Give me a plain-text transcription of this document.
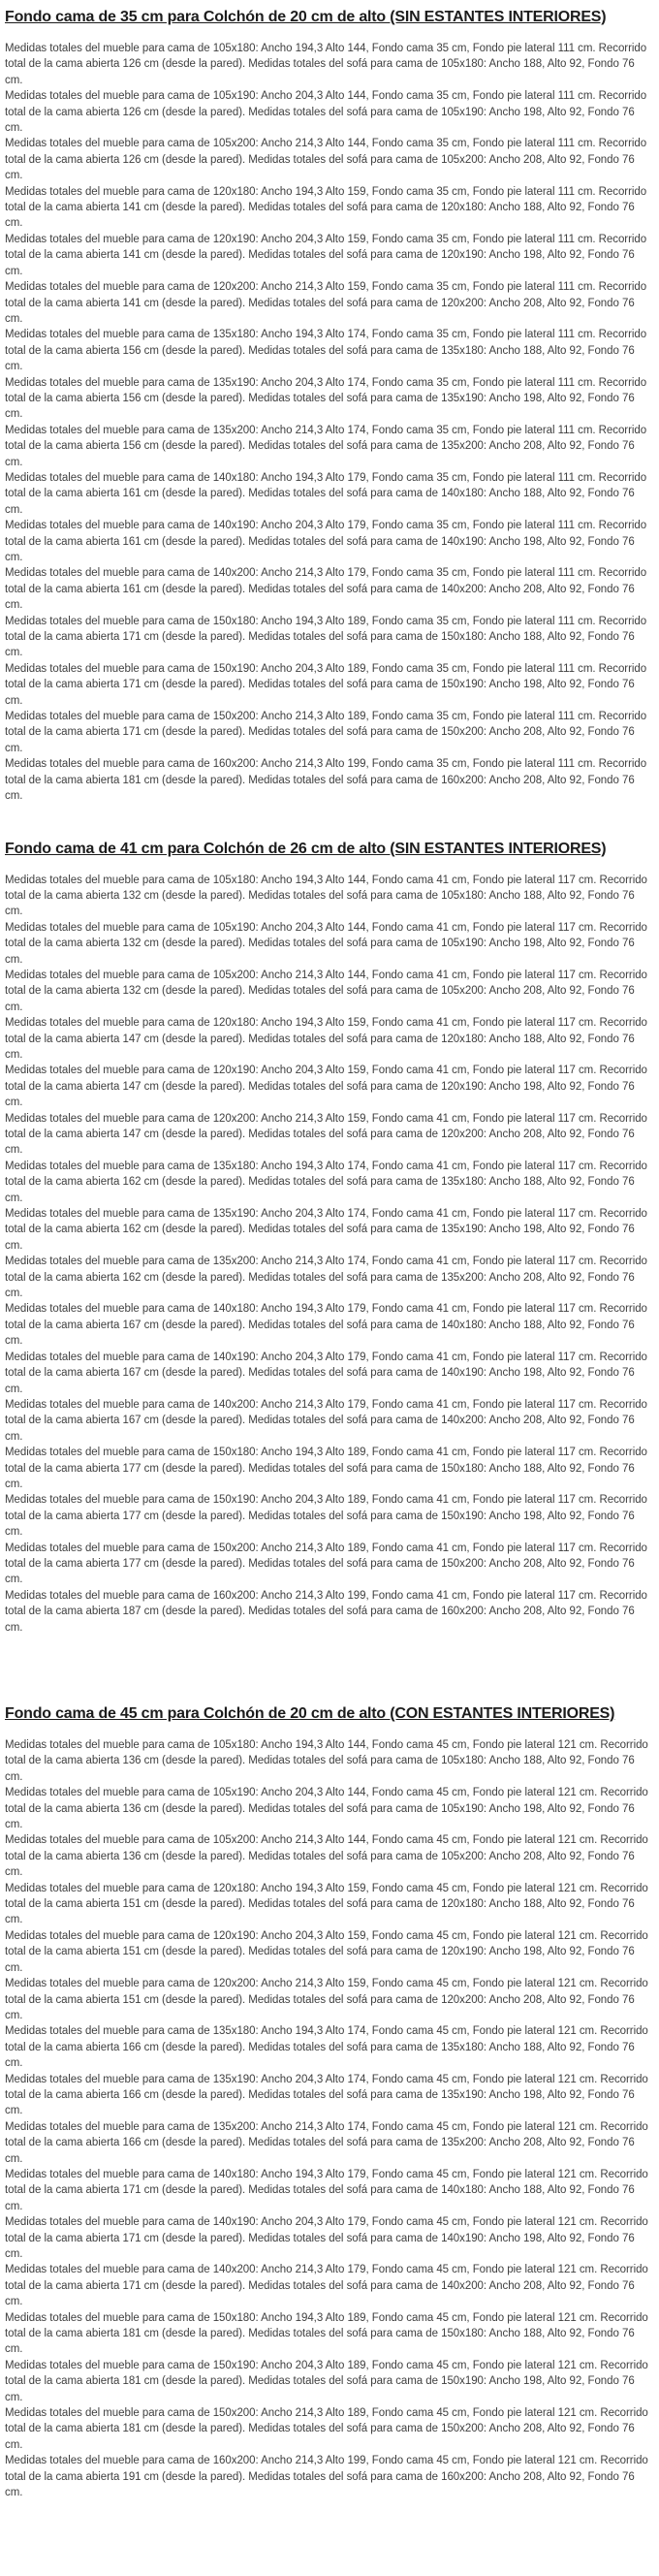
Fondo cama de 35 cm para Colchón de 20 cm de alto (SIN ESTANTES INTERIORES)

Medidas totales del mueble para cama de 105x180: Ancho 194,3 Alto 144, Fondo cama 35 cm, Fondo pie lateral 111 cm. Recorrido total de la cama abierta 126 cm (desde la pared). Medidas totales del sofá para cama de 105x180: Ancho 188, Alto 92, Fondo 76 cm.

Medidas totales del mueble para cama de 105x190: Ancho 204,3 Alto 144, Fondo cama 35 cm, Fondo pie lateral 111 cm. Recorrido total de la cama abierta 126 cm (desde la pared). Medidas totales del sofá para cama de 105x190: Ancho 198, Alto 92, Fondo 76 cm.

Medidas totales del mueble para cama de 105x200: Ancho 214,3 Alto 144, Fondo cama 35 cm, Fondo pie lateral 111 cm. Recorrido total de la cama abierta 126 cm (desde la pared). Medidas totales del sofá para cama de 105x200: Ancho 208, Alto 92, Fondo 76 cm.

Medidas totales del mueble para cama de 120x180: Ancho 194,3 Alto 159, Fondo cama 35 cm, Fondo pie lateral 111 cm. Recorrido total de la cama abierta 141 cm (desde la pared). Medidas totales del sofá para cama de 120x180: Ancho 188, Alto 92, Fondo 76 cm.

Medidas totales del mueble para cama de 120x190: Ancho 204,3 Alto 159, Fondo cama 35 cm, Fondo pie lateral 111 cm. Recorrido total de la cama abierta 141 cm (desde la pared). Medidas totales del sofá para cama de 120x190: Ancho 198, Alto 92, Fondo 76 cm.

Medidas totales del mueble para cama de 120x200: Ancho 214,3 Alto 159, Fondo cama 35 cm, Fondo pie lateral 111 cm. Recorrido total de la cama abierta 141 cm (desde la pared). Medidas totales del sofá para cama de 120x200: Ancho 208, Alto 92, Fondo 76 cm.

Medidas totales del mueble para cama de 135x180: Ancho 194,3 Alto 174, Fondo cama 35 cm, Fondo pie lateral 111 cm. Recorrido total de la cama abierta 156 cm (desde la pared). Medidas totales del sofá para cama de 135x180: Ancho 188, Alto 92, Fondo 76 cm.

Medidas totales del mueble para cama de 135x190: Ancho 204,3 Alto 174, Fondo cama 35 cm, Fondo pie lateral 111 cm. Recorrido total de la cama abierta 156 cm (desde la pared). Medidas totales del sofá para cama de 135x190: Ancho 198, Alto 92, Fondo 76 cm.

Medidas totales del mueble para cama de 135x200: Ancho 214,3 Alto 174, Fondo cama 35 cm, Fondo pie lateral 111 cm. Recorrido total de la cama abierta 156 cm (desde la pared). Medidas totales del sofá para cama de 135x200: Ancho 208, Alto 92, Fondo 76 cm.

Medidas totales del mueble para cama de 140x180: Ancho 194,3 Alto 179, Fondo cama 35 cm, Fondo pie lateral 111 cm. Recorrido total de la cama abierta 161 cm (desde la pared). Medidas totales del sofá para cama de 140x180: Ancho 188, Alto 92, Fondo 76 cm.

Medidas totales del mueble para cama de 140x190: Ancho 204,3 Alto 179, Fondo cama 35 cm, Fondo pie lateral 111 cm. Recorrido total de la cama abierta 161 cm (desde la pared). Medidas totales del sofá para cama de 140x190: Ancho 198, Alto 92, Fondo 76 cm.

Medidas totales del mueble para cama de 140x200: Ancho 214,3 Alto 179, Fondo cama 35 cm, Fondo pie lateral 111 cm. Recorrido total de la cama abierta 161 cm (desde la pared). Medidas totales del sofá para cama de 140x200: Ancho 208, Alto 92, Fondo 76 cm.

Medidas totales del mueble para cama de 150x180: Ancho 194,3 Alto 189, Fondo cama 35 cm, Fondo pie lateral 111 cm. Recorrido total de la cama abierta 171 cm (desde la pared). Medidas totales del sofá para cama de 150x180: Ancho 188, Alto 92, Fondo 76 cm.

Medidas totales del mueble para cama de 150x190: Ancho 204,3 Alto 189, Fondo cama 35 cm, Fondo pie lateral 111 cm. Recorrido total de la cama abierta 171 cm (desde la pared). Medidas totales del sofá para cama de 150x190: Ancho 198, Alto 92, Fondo 76 cm.

Medidas totales del mueble para cama de 150x200: Ancho 214,3 Alto 189, Fondo cama 35 cm, Fondo pie lateral 111 cm. Recorrido total de la cama abierta 171 cm (desde la pared). Medidas totales del sofá para cama de 150x200: Ancho 208, Alto 92, Fondo 76 cm.

Medidas totales del mueble para cama de 160x200: Ancho 214,3 Alto 199, Fondo cama 35 cm, Fondo pie lateral 111 cm. Recorrido total de la cama abierta 181 cm (desde la pared). Medidas totales del sofá para cama de 160x200: Ancho 208, Alto 92, Fondo 76 cm.

Fondo cama de 41 cm para Colchón de 26 cm de alto (SIN ESTANTES INTERIORES)

Medidas totales del mueble para cama de 105x180: Ancho 194,3 Alto 144, Fondo cama 41 cm, Fondo pie lateral 117 cm. Recorrido total de la cama abierta 132 cm (desde la pared). Medidas totales del sofá para cama de 105x180: Ancho 188, Alto 92, Fondo 76 cm.

Medidas totales del mueble para cama de 105x190: Ancho 204,3 Alto 144, Fondo cama 41 cm, Fondo pie lateral 117 cm. Recorrido total de la cama abierta 132 cm (desde la pared). Medidas totales del sofá para cama de 105x190: Ancho 198, Alto 92, Fondo 76 cm.

Medidas totales del mueble para cama de 105x200: Ancho 214,3 Alto 144, Fondo cama 41 cm, Fondo pie lateral 117 cm. Recorrido total de la cama abierta 132 cm (desde la pared). Medidas totales del sofá para cama de 105x200: Ancho 208, Alto 92, Fondo 76 cm.

Medidas totales del mueble para cama de 120x180: Ancho 194,3 Alto 159, Fondo cama 41 cm, Fondo pie lateral 117 cm. Recorrido total de la cama abierta 147 cm (desde la pared). Medidas totales del sofá para cama de 120x180: Ancho 188, Alto 92, Fondo 76 cm.

Medidas totales del mueble para cama de 120x190: Ancho 204,3 Alto 159, Fondo cama 41 cm, Fondo pie lateral 117 cm. Recorrido total de la cama abierta 147 cm (desde la pared). Medidas totales del sofá para cama de 120x190: Ancho 198, Alto 92, Fondo 76 cm.

Medidas totales del mueble para cama de 120x200: Ancho 214,3 Alto 159, Fondo cama 41 cm, Fondo pie lateral 117 cm. Recorrido total de la cama abierta 147 cm (desde la pared). Medidas totales del sofá para cama de 120x200: Ancho 208, Alto 92, Fondo 76 cm.

Medidas totales del mueble para cama de 135x180: Ancho 194,3 Alto 174, Fondo cama 41 cm, Fondo pie lateral 117 cm. Recorrido total de la cama abierta 162 cm (desde la pared). Medidas totales del sofá para cama de 135x180: Ancho 188, Alto 92, Fondo 76 cm.

Medidas totales del mueble para cama de 135x190: Ancho 204,3 Alto 174, Fondo cama 41 cm, Fondo pie lateral 117 cm. Recorrido total de la cama abierta 162 cm (desde la pared). Medidas totales del sofá para cama de 135x190: Ancho 198, Alto 92, Fondo 76 cm.

Medidas totales del mueble para cama de 135x200: Ancho 214,3 Alto 174, Fondo cama 41 cm, Fondo pie lateral 117 cm. Recorrido total de la cama abierta 162 cm (desde la pared). Medidas totales del sofá para cama de 135x200: Ancho 208, Alto 92, Fondo 76 cm.

Medidas totales del mueble para cama de 140x180: Ancho 194,3 Alto 179, Fondo cama 41 cm, Fondo pie lateral 117 cm. Recorrido total de la cama abierta 167 cm (desde la pared). Medidas totales del sofá para cama de 140x180: Ancho 188, Alto 92, Fondo 76 cm.

Medidas totales del mueble para cama de 140x190: Ancho 204,3 Alto 179, Fondo cama 41 cm, Fondo pie lateral 117 cm. Recorrido total de la cama abierta 167 cm (desde la pared). Medidas totales del sofá para cama de 140x190: Ancho 198, Alto 92, Fondo 76 cm.

Medidas totales del mueble para cama de 140x200: Ancho 214,3 Alto 179, Fondo cama 41 cm, Fondo pie lateral 117 cm. Recorrido total de la cama abierta 167 cm (desde la pared). Medidas totales del sofá para cama de 140x200: Ancho 208, Alto 92, Fondo 76 cm.

Medidas totales del mueble para cama de 150x180: Ancho 194,3 Alto 189, Fondo cama 41 cm, Fondo pie lateral 117 cm. Recorrido total de la cama abierta 177 cm (desde la pared). Medidas totales del sofá para cama de 150x180: Ancho 188, Alto 92, Fondo 76 cm.

Medidas totales del mueble para cama de 150x190: Ancho 204,3 Alto 189, Fondo cama 41 cm, Fondo pie lateral 117 cm. Recorrido total de la cama abierta 177 cm (desde la pared). Medidas totales del sofá para cama de 150x190: Ancho 198, Alto 92, Fondo 76 cm.

Medidas totales del mueble para cama de 150x200: Ancho 214,3 Alto 189, Fondo cama 41 cm, Fondo pie lateral 117 cm. Recorrido total de la cama abierta 177 cm (desde la pared). Medidas totales del sofá para cama de 150x200: Ancho 208, Alto 92, Fondo 76 cm.

Medidas totales del mueble para cama de 160x200: Ancho 214,3 Alto 199, Fondo cama 41 cm, Fondo pie lateral 117 cm. Recorrido total de la cama abierta 187 cm (desde la pared). Medidas totales del sofá para cama de 160x200: Ancho 208, Alto 92, Fondo 76 cm.

Fondo cama de 45 cm para Colchón de 20 cm de alto (CON ESTANTES INTERIORES)

Medidas totales del mueble para cama de 105x180: Ancho 194,3 Alto 144, Fondo cama 45 cm, Fondo pie lateral 121 cm. Recorrido total de la cama abierta 136 cm (desde la pared). Medidas totales del sofá para cama de 105x180: Ancho 188, Alto 92, Fondo 76 cm.

Medidas totales del mueble para cama de 105x190: Ancho 204,3 Alto 144, Fondo cama 45 cm, Fondo pie lateral 121 cm. Recorrido total de la cama abierta 136 cm (desde la pared). Medidas totales del sofá para cama de 105x190: Ancho 198, Alto 92, Fondo 76 cm.

Medidas totales del mueble para cama de 105x200: Ancho 214,3 Alto 144, Fondo cama 45 cm, Fondo pie lateral 121 cm. Recorrido total de la cama abierta 136 cm (desde la pared). Medidas totales del sofá para cama de 105x200: Ancho 208, Alto 92, Fondo 76 cm.

Medidas totales del mueble para cama de 120x180: Ancho 194,3 Alto 159, Fondo cama 45 cm, Fondo pie lateral 121 cm. Recorrido total de la cama abierta 151 cm (desde la pared). Medidas totales del sofá para cama de 120x180: Ancho 188, Alto 92, Fondo 76 cm.

Medidas totales del mueble para cama de 120x190: Ancho 204,3 Alto 159, Fondo cama 45 cm, Fondo pie lateral 121 cm. Recorrido total de la cama abierta 151 cm (desde la pared). Medidas totales del sofá para cama de 120x190: Ancho 198, Alto 92, Fondo 76 cm.

Medidas totales del mueble para cama de 120x200: Ancho 214,3 Alto 159, Fondo cama 45 cm, Fondo pie lateral 121 cm. Recorrido total de la cama abierta 151 cm (desde la pared). Medidas totales del sofá para cama de 120x200: Ancho 208, Alto 92, Fondo 76 cm.

Medidas totales del mueble para cama de 135x180: Ancho 194,3 Alto 174, Fondo cama 45 cm, Fondo pie lateral 121 cm. Recorrido total de la cama abierta 166 cm (desde la pared). Medidas totales del sofá para cama de 135x180: Ancho 188, Alto 92, Fondo 76 cm.

Medidas totales del mueble para cama de 135x190: Ancho 204,3 Alto 174, Fondo cama 45 cm, Fondo pie lateral 121 cm. Recorrido total de la cama abierta 166 cm (desde la pared). Medidas totales del sofá para cama de 135x190: Ancho 198, Alto 92, Fondo 76 cm.

Medidas totales del mueble para cama de 135x200: Ancho 214,3 Alto 174, Fondo cama 45 cm, Fondo pie lateral 121 cm. Recorrido total de la cama abierta 166 cm (desde la pared). Medidas totales del sofá para cama de 135x200: Ancho 208, Alto 92, Fondo 76 cm.

Medidas totales del mueble para cama de 140x180: Ancho 194,3 Alto 179, Fondo cama 45 cm, Fondo pie lateral 121 cm. Recorrido total de la cama abierta 171 cm (desde la pared). Medidas totales del sofá para cama de 140x180: Ancho 188, Alto 92, Fondo 76 cm.

Medidas totales del mueble para cama de 140x190: Ancho 204,3 Alto 179, Fondo cama 45 cm, Fondo pie lateral 121 cm. Recorrido total de la cama abierta 171 cm (desde la pared). Medidas totales del sofá para cama de 140x190: Ancho 198, Alto 92, Fondo 76 cm.

Medidas totales del mueble para cama de 140x200: Ancho 214,3 Alto 179, Fondo cama 45 cm, Fondo pie lateral 121 cm. Recorrido total de la cama abierta 171 cm (desde la pared). Medidas totales del sofá para cama de 140x200: Ancho 208, Alto 92, Fondo 76 cm.

Medidas totales del mueble para cama de 150x180: Ancho 194,3 Alto 189, Fondo cama 45 cm, Fondo pie lateral 121 cm. Recorrido total de la cama abierta 181 cm (desde la pared). Medidas totales del sofá para cama de 150x180: Ancho 188, Alto 92, Fondo 76 cm.

Medidas totales del mueble para cama de 150x190: Ancho 204,3 Alto 189, Fondo cama 45 cm, Fondo pie lateral 121 cm. Recorrido total de la cama abierta 181 cm (desde la pared). Medidas totales del sofá para cama de 150x190: Ancho 198, Alto 92, Fondo 76 cm.

Medidas totales del mueble para cama de 150x200: Ancho 214,3 Alto 189, Fondo cama 45 cm, Fondo pie lateral 121 cm. Recorrido total de la cama abierta 181 cm (desde la pared). Medidas totales del sofá para cama de 150x200: Ancho 208, Alto 92, Fondo 76 cm.

Medidas totales del mueble para cama de 160x200: Ancho 214,3 Alto 199, Fondo cama 45 cm, Fondo pie lateral 121 cm. Recorrido total de la cama abierta 191 cm (desde la pared). Medidas totales del sofá para cama de 160x200: Ancho 208, Alto 92, Fondo 76 cm.
